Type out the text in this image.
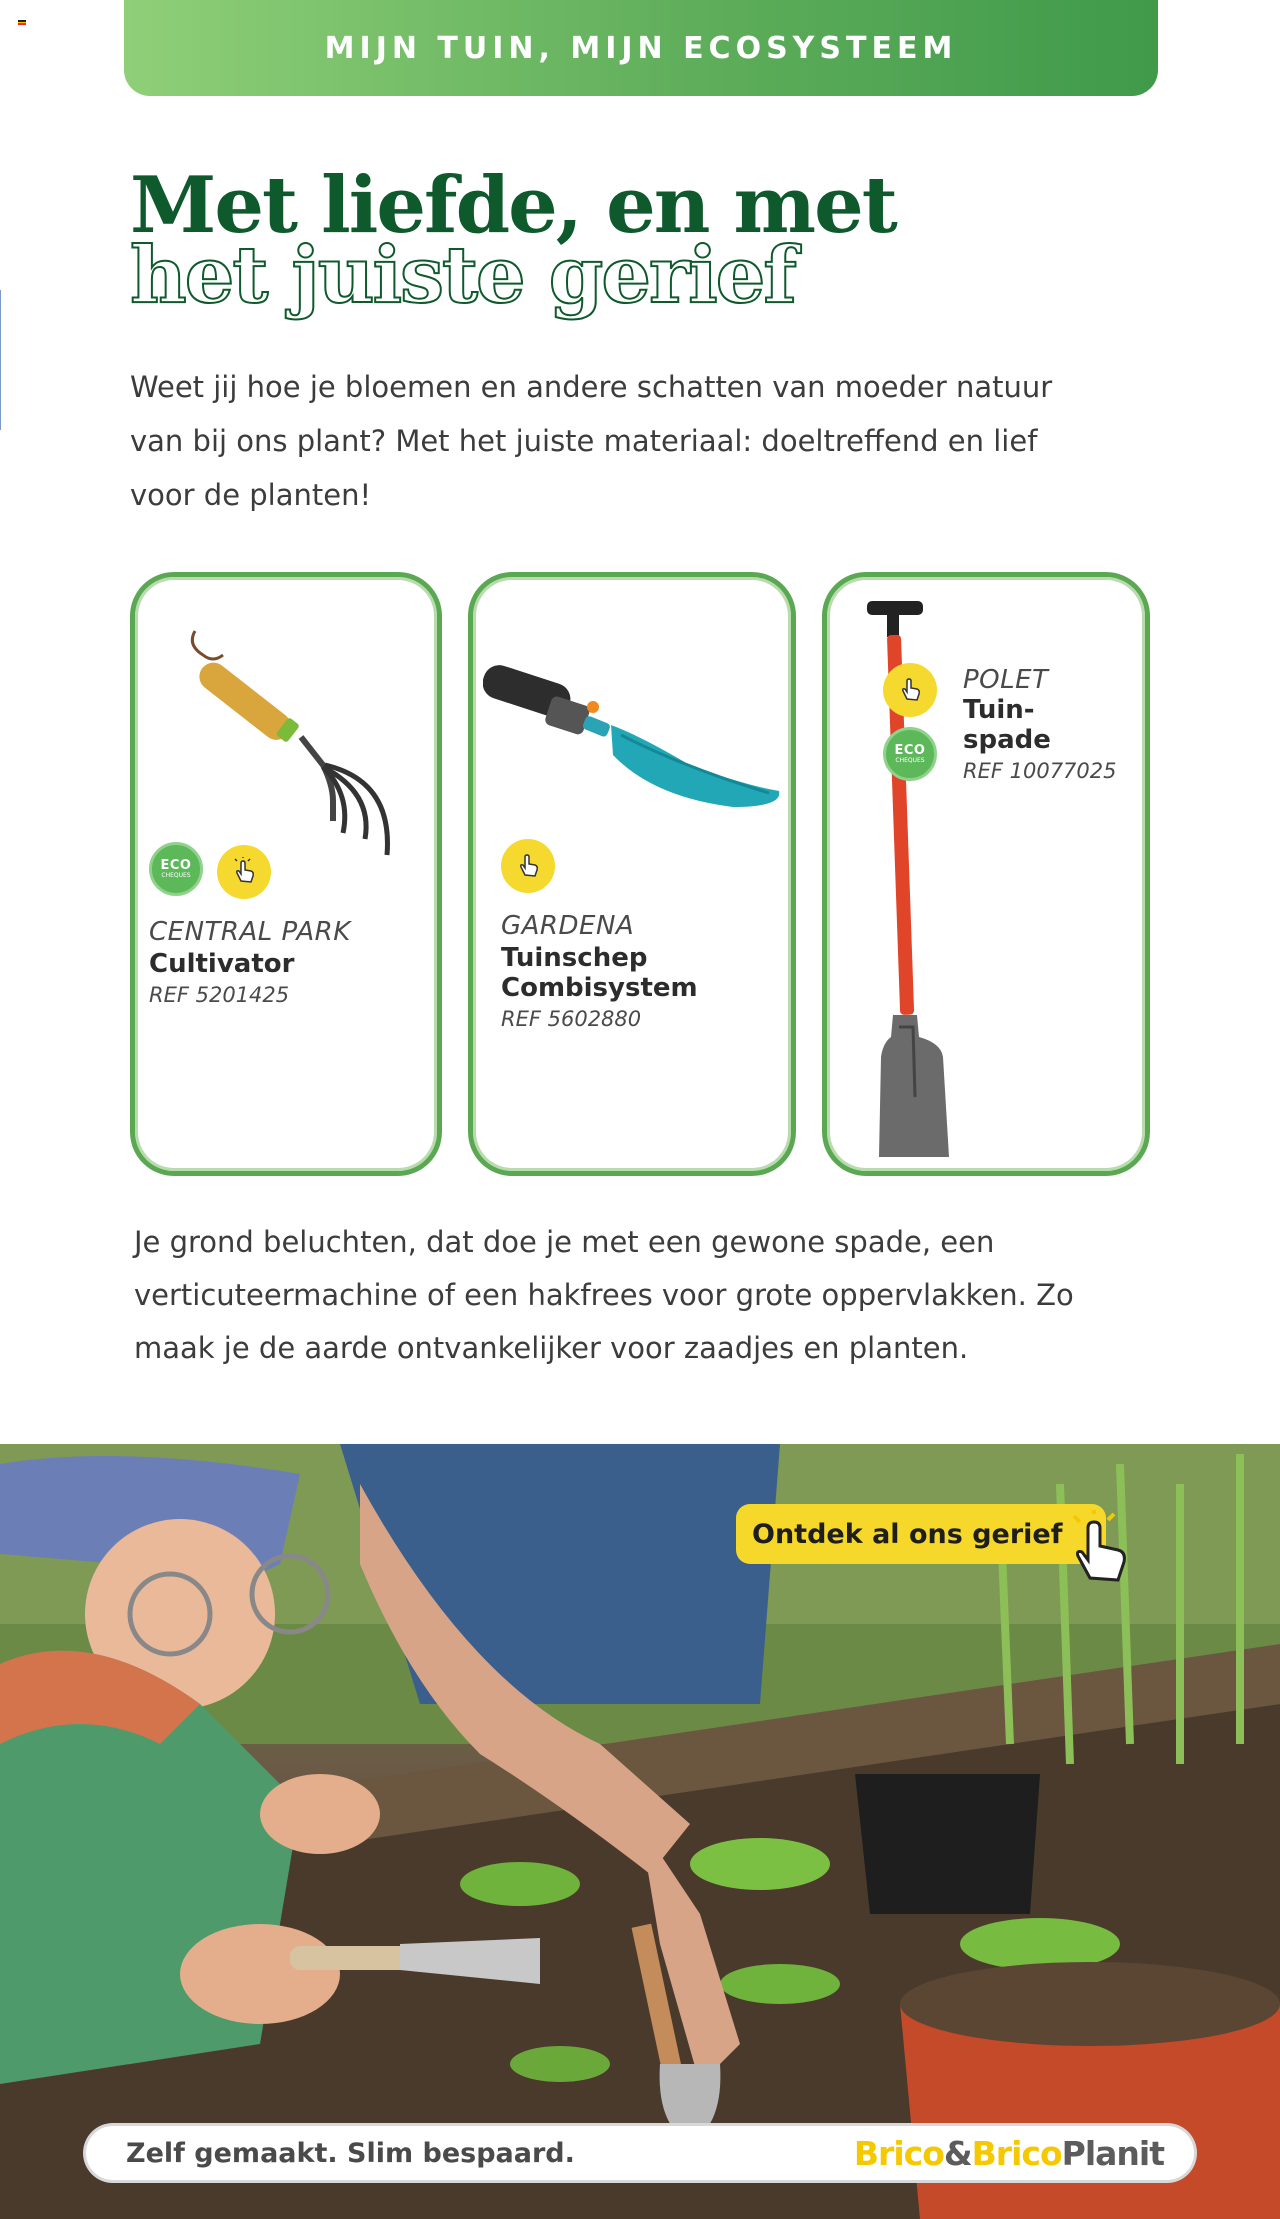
MIJN TUIN, MIJN ECOSYSTEEM
Met liefde, en met
het juiste gerief

Weet jij hoe je bloemen en andere schatten van moeder natuur van bij ons plant? Met het juiste materiaal: doeltreffend en lief voor de planten!

ECO
CHEQUES
CENTRAL PARK
Cultivator
REF 5201425
GARDENA
Tuinschep Combisystem
REF 5602880
ECO
CHEQUES
POLET
Tuin-spade
REF 10077025

Je grond beluchten, dat doe je met een gewone spade, een verticuteermachine of een hakfrees voor grote oppervlakken. Zo maak je de aarde ontvankelijker voor zaadjes en planten.

Ontdek al ons gerief
Zelf gemaakt. Slim bespaard.	Brico&BricoPlanit
